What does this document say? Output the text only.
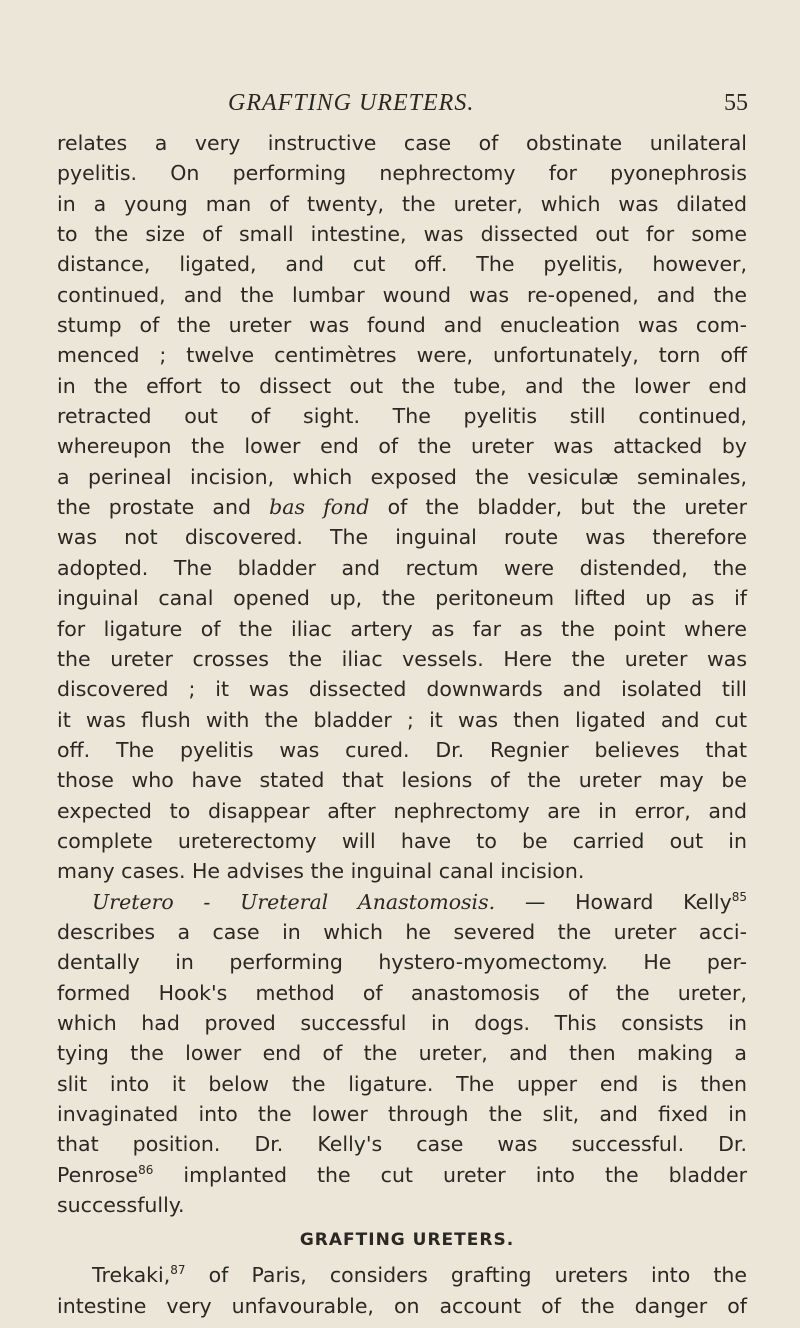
GRAFTING URETERS.	55
relates a very instructive case of obstinate unilateral
pyelitis. On performing nephrectomy for pyonephrosis
in a young man of twenty, the ureter, which was dilated
to the size of small intestine, was dissected out for some
distance, ligated, and cut off. The pyelitis, however,
continued, and the lumbar wound was re-opened, and the
stump of the ureter was found and enucleation was com-
menced ; twelve centimètres were, unfortunately, torn off
in the effort to dissect out the tube, and the lower end
retracted out of sight. The pyelitis still continued,
whereupon the lower end of the ureter was attacked by
a perineal incision, which exposed the vesiculæ seminales,
the prostate and bas fond of the bladder, but the ureter
was not discovered. The inguinal route was therefore
adopted. The bladder and rectum were distended, the
inguinal canal opened up, the peritoneum lifted up as if
for ligature of the iliac artery as far as the point where
the ureter crosses the iliac vessels. Here the ureter was
discovered ; it was dissected downwards and isolated till
it was flush with the bladder ; it was then ligated and cut
off. The pyelitis was cured. Dr. Regnier believes that
those who have stated that lesions of the ureter may be
expected to disappear after nephrectomy are in error, and
complete ureterectomy will have to be carried out in
many cases. He advises the inguinal canal incision.
Uretero - Ureteral Anastomosis. — Howard Kelly$^{85}$
describes a case in which he severed the ureter acci-
dentally in performing hystero-myomectomy. He per-
formed Hook's method of anastomosis of the ureter,
which had proved successful in dogs. This consists in
tying the lower end of the ureter, and then making a
slit into it below the ligature. The upper end is then
invaginated into the lower through the slit, and fixed in
that position. Dr. Kelly's case was successful. Dr.
Penrose$^{86}$ implanted the cut ureter into the bladder
successfully.
GRAFTING URETERS.
Trekaki,$^{87}$ of Paris, considers grafting ureters into the
intestine very unfavourable, on account of the danger of
